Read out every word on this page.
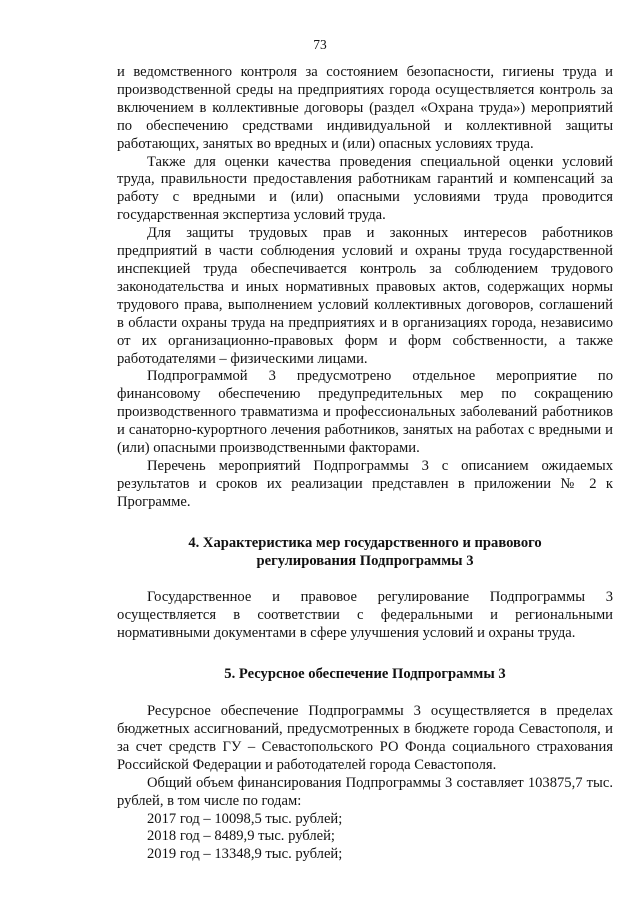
73

и ведомственного контроля за состоянием безопасности, гигиены труда и производственной среды на предприятиях города осуществляется контроль за включением в коллективные договоры (раздел «Охрана труда») мероприятий по обеспечению средствами индивидуальной и коллективной защиты работающих, занятых во вредных и (или) опасных условиях труда.

Также для оценки качества проведения специальной оценки условий труда, правильности предоставления работникам гарантий и компенсаций за работу с вредными и (или) опасными условиями труда проводится государственная экспертиза условий труда.

Для защиты трудовых прав и законных интересов работников предприятий в части соблюдения условий и охраны труда государственной инспекцией труда обеспечивается контроль за соблюдением трудового законодательства и иных нормативных правовых актов, содержащих нормы трудового права, выполнением условий коллективных договоров, соглашений в области охраны труда на предприятиях и в организациях города, независимо от их организационно-правовых форм и форм собственности, а также работодателями – физическими лицами.

Подпрограммой 3 предусмотрено отдельное мероприятие по финансовому обеспечению предупредительных мер по сокращению производственного травматизма и профессиональных заболеваний работников и санаторно-курортного лечения работников, занятых на работах с вредными и (или) опасными производственными факторами.

Перечень мероприятий Подпрограммы 3 с описанием ожидаемых результатов и сроков их реализации представлен в приложении № 2 к Программе.

4. Характеристика мер государственного и правового

регулирования Подпрограммы 3

Государственное и правовое регулирование Подпрограммы 3 осуществляется в соответствии с федеральными и региональными нормативными документами в сфере улучшения условий и охраны труда.

5. Ресурсное обеспечение Подпрограммы 3

Ресурсное обеспечение Подпрограммы 3 осуществляется в пределах бюджетных ассигнований, предусмотренных в бюджете города Севастополя, и за счет средств ГУ – Севастопольского РО Фонда социального страхования Российской Федерации и работодателей города Севастополя.

Общий объем финансирования Подпрограммы 3 составляет 103875,7 тыс. рублей, в том числе по годам:

2017 год – 10098,5 тыс. рублей;
2018 год – 8489,9 тыс. рублей;
2019 год – 13348,9 тыс. рублей;
